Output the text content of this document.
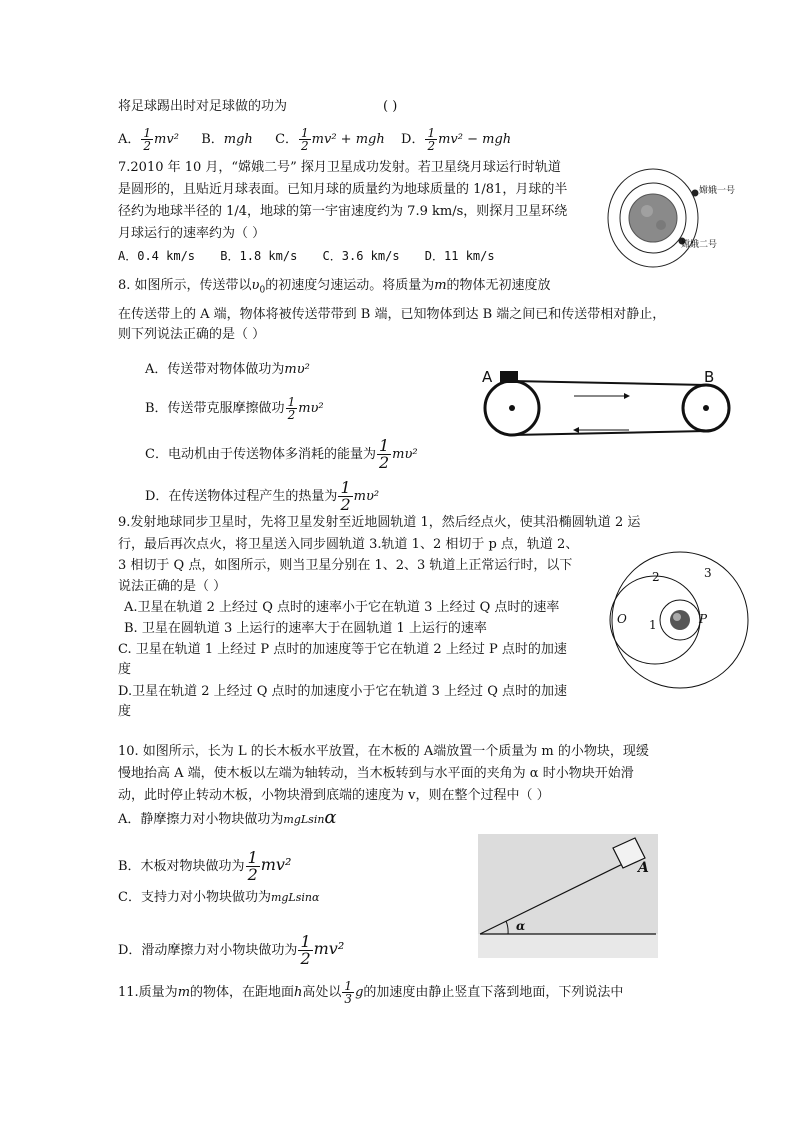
将足球踢出时对足球做的功为	( )
A． $\frac{1}{2} mv^2$ B．mgh C． $\frac{1}{2} mv^2$ + mgh D． $\frac{1}{2} mv^2$ − mgh
7.2010 年 10 月，“嫦娥二号” 探月卫星成功发射。若卫星绕月球运行时轨道
是圆形的，且贴近月球表面。已知月球的质量约为地球质量的 1/81，月球的半
径约为地球半径的 1/4，地球的第一宇宙速度约为 7.9 km/s，则探月卫星环绕
月球运行的速率约为（ ）
A．0.4 km/s B．1.8 km/s C．3.6 km/s D．11 km/s
嫦娥一号
嫦娥二号
8. 如图所示，传送带以$\upsilon_0$的初速度匀速运动。将质量为m的物体无初速度放
在传送带上的 A 端，物体将被传送带带到 B 端，已知物体到达 B 端之间已和传送带相对静止，
则下列说法正确的是（ ）
A．传送带对物体做功为mυ²
B．传送带克服摩擦做功 $\frac{1}{2} m\upsilon^2$
C．电动机由于传送物体多消耗的能量为 $\frac{1}{2} m\upsilon^2$
D．在传送物体过程产生的热量为 $\frac{1}{2} m\upsilon^2$
A	B
9.发射地球同步卫星时，先将卫星发射至近地圆轨道 1，然后经点火，使其沿椭圆轨道 2 运
行，最后再次点火，将卫星送入同步圆轨道 3.轨道 1、2 相切于 p 点，轨道 2、
3 相切于 Q 点，如图所示，则当卫星分别在 1、2、3 轨道上正常运行时，以下
说法正确的是（ ）
A.卫星在轨道 2 上经过 Q 点时的速率小于它在轨道 3 上经过 Q 点时的速率
B. 卫星在圆轨道 3 上运行的速率大于在圆轨道 1 上运行的速率
C. 卫星在轨道 1 上经过 P 点时的加速度等于它在轨道 2 上经过 P 点时的加速
度
D.卫星在轨道 2 上经过 Q 点时的加速度小于它在轨道 3 上经过 Q 点时的加速
度
1
2	3
O	P
10. 如图所示，长为 L 的长木板水平放置，在木板的 A端放置一个质量为 m 的小物块，现缓
慢地抬高 A 端，使木板以左端为轴转动，当木板转到与水平面的夹角为 α 时小物块开始滑
动，此时停止转动木板，小物块滑到底端的速度为 v，则在整个过程中（ ）
A．静摩擦力对小物块做功为mgLsinα
B．木板对物块做功为 $\frac{1}{2} mv^2$
C．支持力对小物块做功为mgLsinα
D．滑动摩擦力对小物块做功为 $\frac{1}{2} mv^2$
A
α
11.质量为m的物体，在距地面h高处以 $\frac{1}{3}$ g的加速度由静止竖直下落到地面，下列说法中
